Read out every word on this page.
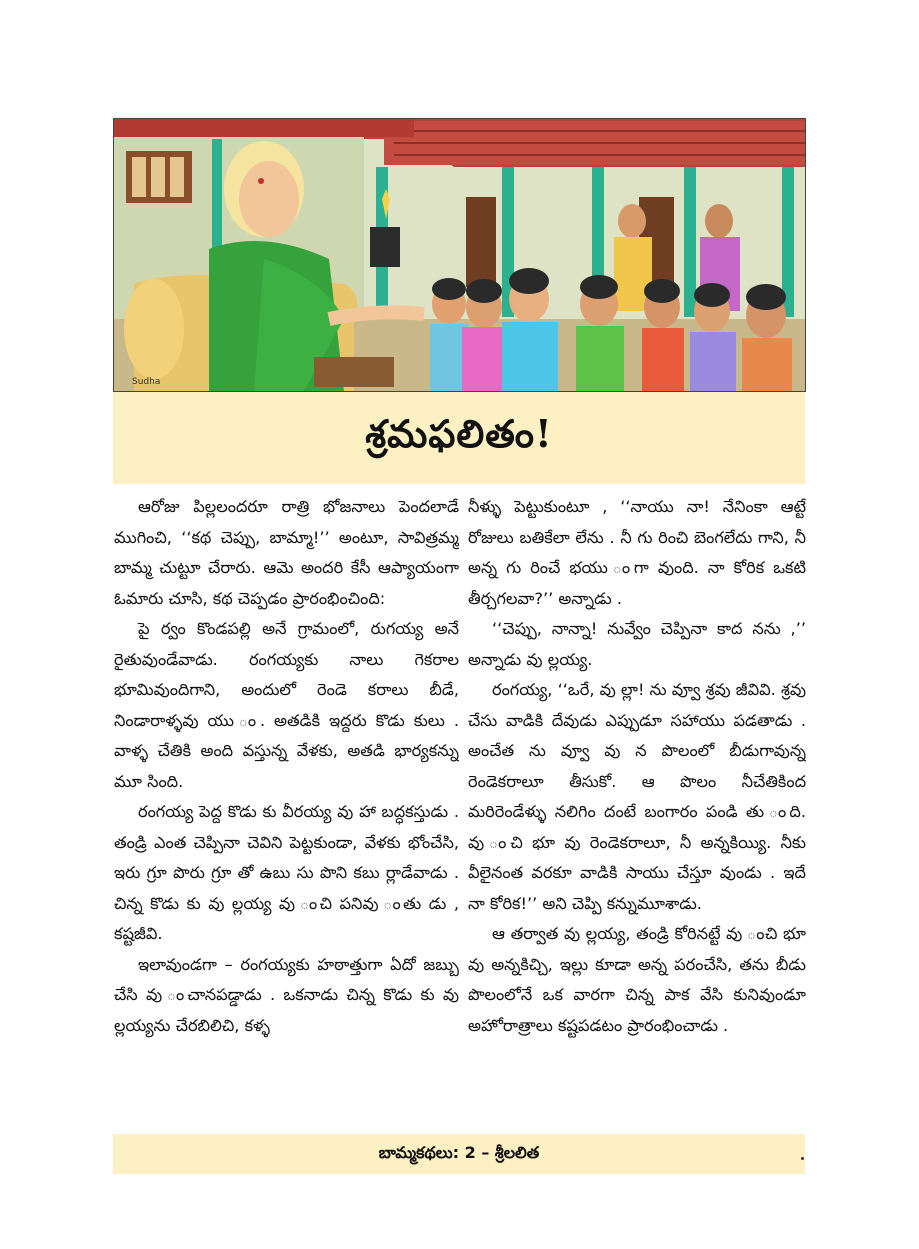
Sudha
శ్రమఫలితం!

ఆరోజు పిల్లలందరూ రాత్రి భోజనాలు పెందలాడే ముగించి, ‘‘కథ చెప్పు, బామ్మా!’’ అంటూ, సావిత్రమ్మ బామ్మ చుట్టూ చేరారు. ఆమె అందరి కేసీ ఆప్యాయంగా ఓమారు చూసి, కథ చెప్పడం ప్రారంభించింది:

పై ర్వం కొండపల్లి అనే గ్రామంలో, రుగయ్య అనే రైతువుండేవాడు. రంగయ్యకు నాలు గెకరాల భూమివుందిగాని, అందులో రెండె కరాలు బీడే, నిండారాళ్ళవు యు ం. అతడికి ఇద్దరు కొడు కులు . వాళ్ళ చేతికి అంది వస్తున్న వేళకు, అతడి భార్యకన్ను మూ సింది.

రంగయ్య పెద్ద కొడు కు వీరయ్య వు హా బద్ధకస్తుడు . తండ్రి ఎంత చెప్పినా చెవిని పెట్టకుండా, వేళకు భోంచేసి, ఇరు గ్రూ పొరు గ్రూ తో ఉబు సు పొని కబు ర్లాడేవాడు . చిన్న కొడు కు వు ల్లయ్య వు ంచి పనివు ంతు డు , కష్టజీవి.

ఇలావుండగా – రంగయ్యకు హఠాత్తుగా ఏదో జబ్బు చేసి వు ంచానపడ్డాడు . ఒకనాడు చిన్న కొడు కు వు ల్లయ్యను చేరబిలిచి, కళ్ళ

నీళ్ళు పెట్టుకుంటూ , ‘‘నాయు నా! నేనింకా ఆట్టే రోజులు బతికేలా లేను . నీ గు రించి బెంగలేదు గాని, నీ అన్న గు రించే భయు ంగా వుంది. నా కోరిక ఒకటి తీర్చగలవా?’’ అన్నాడు .

‘‘చెప్పు, నాన్నా! నువ్వేం చెప్పినా కాద నను ,’’ అన్నాడు వు ల్లయ్య.

రంగయ్య, ‘‘ఒరే, వు ల్లా! ను వ్వూ శ్రవు జీవివి. శ్రవు చేసు వాడికి దేవుడు ఎప్పుడూ సహాయు పడతాడు . అంచేత ను వ్వూ వు న పొలంలో బీడుగావున్న రెండెకరాలూ తీసుకో. ఆ పొలం నీచేతికింద మరిరెండేళ్ళు నలిగిం దంటే బంగారం పండి తు ంది. వు ంచి భూ వు రెండెకరాలూ, నీ అన్నకియ్యి. నీకు వీలైనంత వరకూ వాడికి సాయు చేస్తూ వుండు . ఇదే నా కోరిక!’’ అని చెప్పి కన్నుమూశాడు.

ఆ తర్వాత వు ల్లయ్య, తండ్రి కోరినట్టే వు ంచి భూ వు అన్నకిచ్చి, ఇల్లు కూడా అన్న పరంచేసి, తను బీడు పొలంలోనే ఒక వారగా చిన్న పాక వేసి కునివుండూ అహోరాత్రాలు కష్టపడటం ప్రారంభించాడు .

బామ్మకథలు: 2 – శ్రీలలిత
